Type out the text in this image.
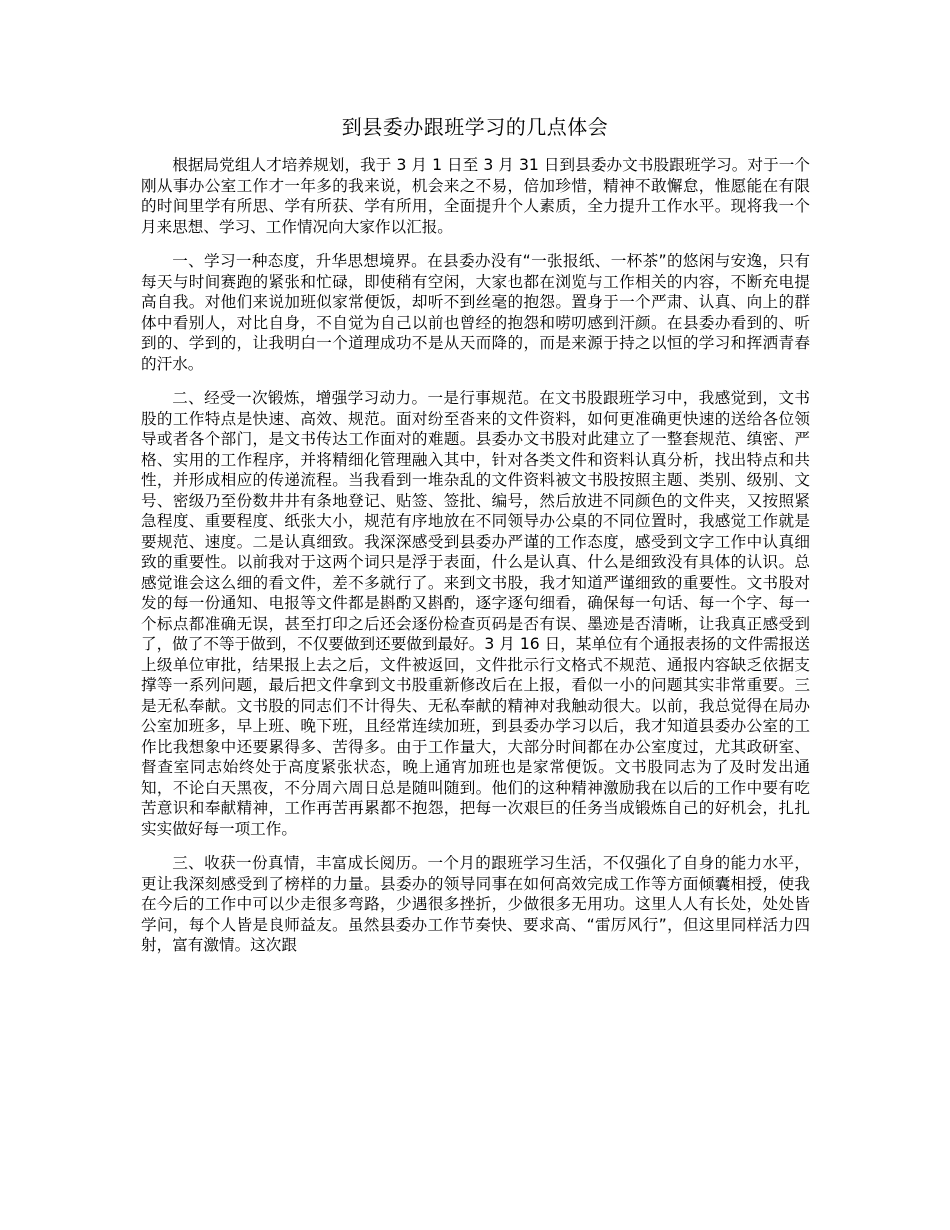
到县委办跟班学习的几点体会

根据局党组人才培养规划，我于 3 月 1 日至 3 月 31 日到县委办文书股跟班学习。对于一个刚从事办公室工作才一年多的我来说，机会来之不易，倍加珍惜，精神不敢懈怠，惟愿能在有限的时间里学有所思、学有所获、学有所用，全面提升个人素质，全力提升工作水平。现将我一个月来思想、学习、工作情况向大家作以汇报。

一、学习一种态度，升华思想境界。在县委办没有“一张报纸、一杯茶”的悠闲与安逸，只有每天与时间赛跑的紧张和忙碌，即使稍有空闲，大家也都在浏览与工作相关的内容，不断充电提高自我。对他们来说加班似家常便饭，却听不到丝毫的抱怨。置身于一个严肃、认真、向上的群体中看别人，对比自身，不自觉为自己以前也曾经的抱怨和唠叨感到汗颜。在县委办看到的、听到的、学到的，让我明白一个道理成功不是从天而降的，而是来源于持之以恒的学习和挥洒青春的汗水。

二、经受一次锻炼，增强学习动力。一是行事规范。在文书股跟班学习中，我感觉到，文书股的工作特点是快速、高效、规范。面对纷至沓来的文件资料，如何更准确更快速的送给各位领导或者各个部门，是文书传达工作面对的难题。县委办文书股对此建立了一整套规范、缜密、严格、实用的工作程序，并将精细化管理融入其中，针对各类文件和资料认真分析，找出特点和共性，并形成相应的传递流程。当我看到一堆杂乱的文件资料被文书股按照主题、类别、级别、文号、密级乃至份数井井有条地登记、贴签、签批、编号，然后放进不同颜色的文件夹，又按照紧急程度、重要程度、纸张大小，规范有序地放在不同领导办公桌的不同位置时，我感觉工作就是要规范、速度。二是认真细致。我深深感受到县委办严谨的工作态度，感受到文字工作中认真细致的重要性。以前我对于这两个词只是浮于表面，什么是认真、什么是细致没有具体的认识。总感觉谁会这么细的看文件，差不多就行了。来到文书股，我才知道严谨细致的重要性。文书股对发的每一份通知、电报等文件都是斟酌又斟酌，逐字逐句细看，确保每一句话、每一个字、每一个标点都准确无误，甚至打印之后还会逐份检查页码是否有误、墨迹是否清晰，让我真正感受到了，做了不等于做到，不仅要做到还要做到最好。3 月 16 日，某单位有个通报表扬的文件需报送上级单位审批，结果报上去之后，文件被返回，文件批示行文格式不规范、通报内容缺乏依据支撑等一系列问题，最后把文件拿到文书股重新修改后在上报，看似一小的问题其实非常重要。三是无私奉献。文书股的同志们不计得失、无私奉献的精神对我触动很大。以前，我总觉得在局办公室加班多，早上班、晚下班，且经常连续加班，到县委办学习以后，我才知道县委办公室的工作比我想象中还要累得多、苦得多。由于工作量大，大部分时间都在办公室度过，尤其政研室、督查室同志始终处于高度紧张状态，晚上通宵加班也是家常便饭。文书股同志为了及时发出通知，不论白天黑夜，不分周六周日总是随叫随到。他们的这种精神激励我在以后的工作中要有吃苦意识和奉献精神，工作再苦再累都不抱怨，把每一次艰巨的任务当成锻炼自己的好机会，扎扎实实做好每一项工作。

三、收获一份真情，丰富成长阅历。一个月的跟班学习生活，不仅强化了自身的能力水平，更让我深刻感受到了榜样的力量。县委办的领导同事在如何高效完成工作等方面倾囊相授，使我在今后的工作中可以少走很多弯路，少遇很多挫折，少做很多无用功。这里人人有长处，处处皆学问，每个人皆是良师益友。虽然县委办工作节奏快、要求高、“雷厉风行”，但这里同样活力四射，富有激情。这次跟
